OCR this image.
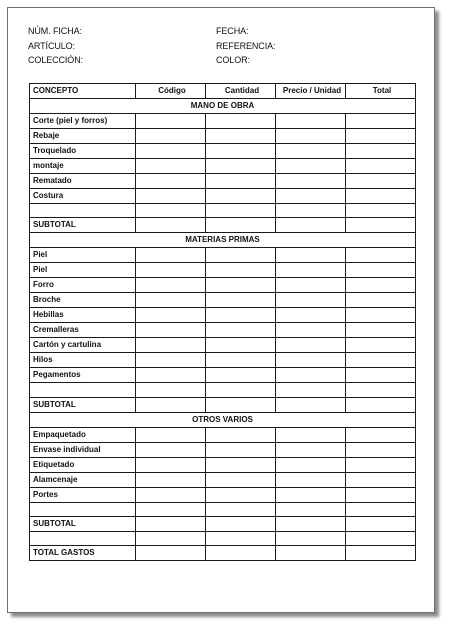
NÚM. FICHA:
ARTÍCULO:
COLECCIÓN:
FECHA:
REFERENCIA:
COLOR:
CONCEPTO	Código	Cantidad	Precio / Unidad	Total
MANO DE OBRA				
Corte (piel y forros)				
Rebaje				
Troquelado				
montaje				
Rematado				
Costura				

SUBTOTAL				
MATERIAS PRIMAS				
Piel				
Piel				
Forro				
Broche				
Hebillas				
Cremalleras				
Cartón y cartulina				
Hilos				
Pegamentos				

SUBTOTAL				
OTROS VARIOS				
Empaquetado				
Envase individual				
Etiquetado				
Alamcenaje				
Portes				

SUBTOTAL				

TOTAL GASTOS				
